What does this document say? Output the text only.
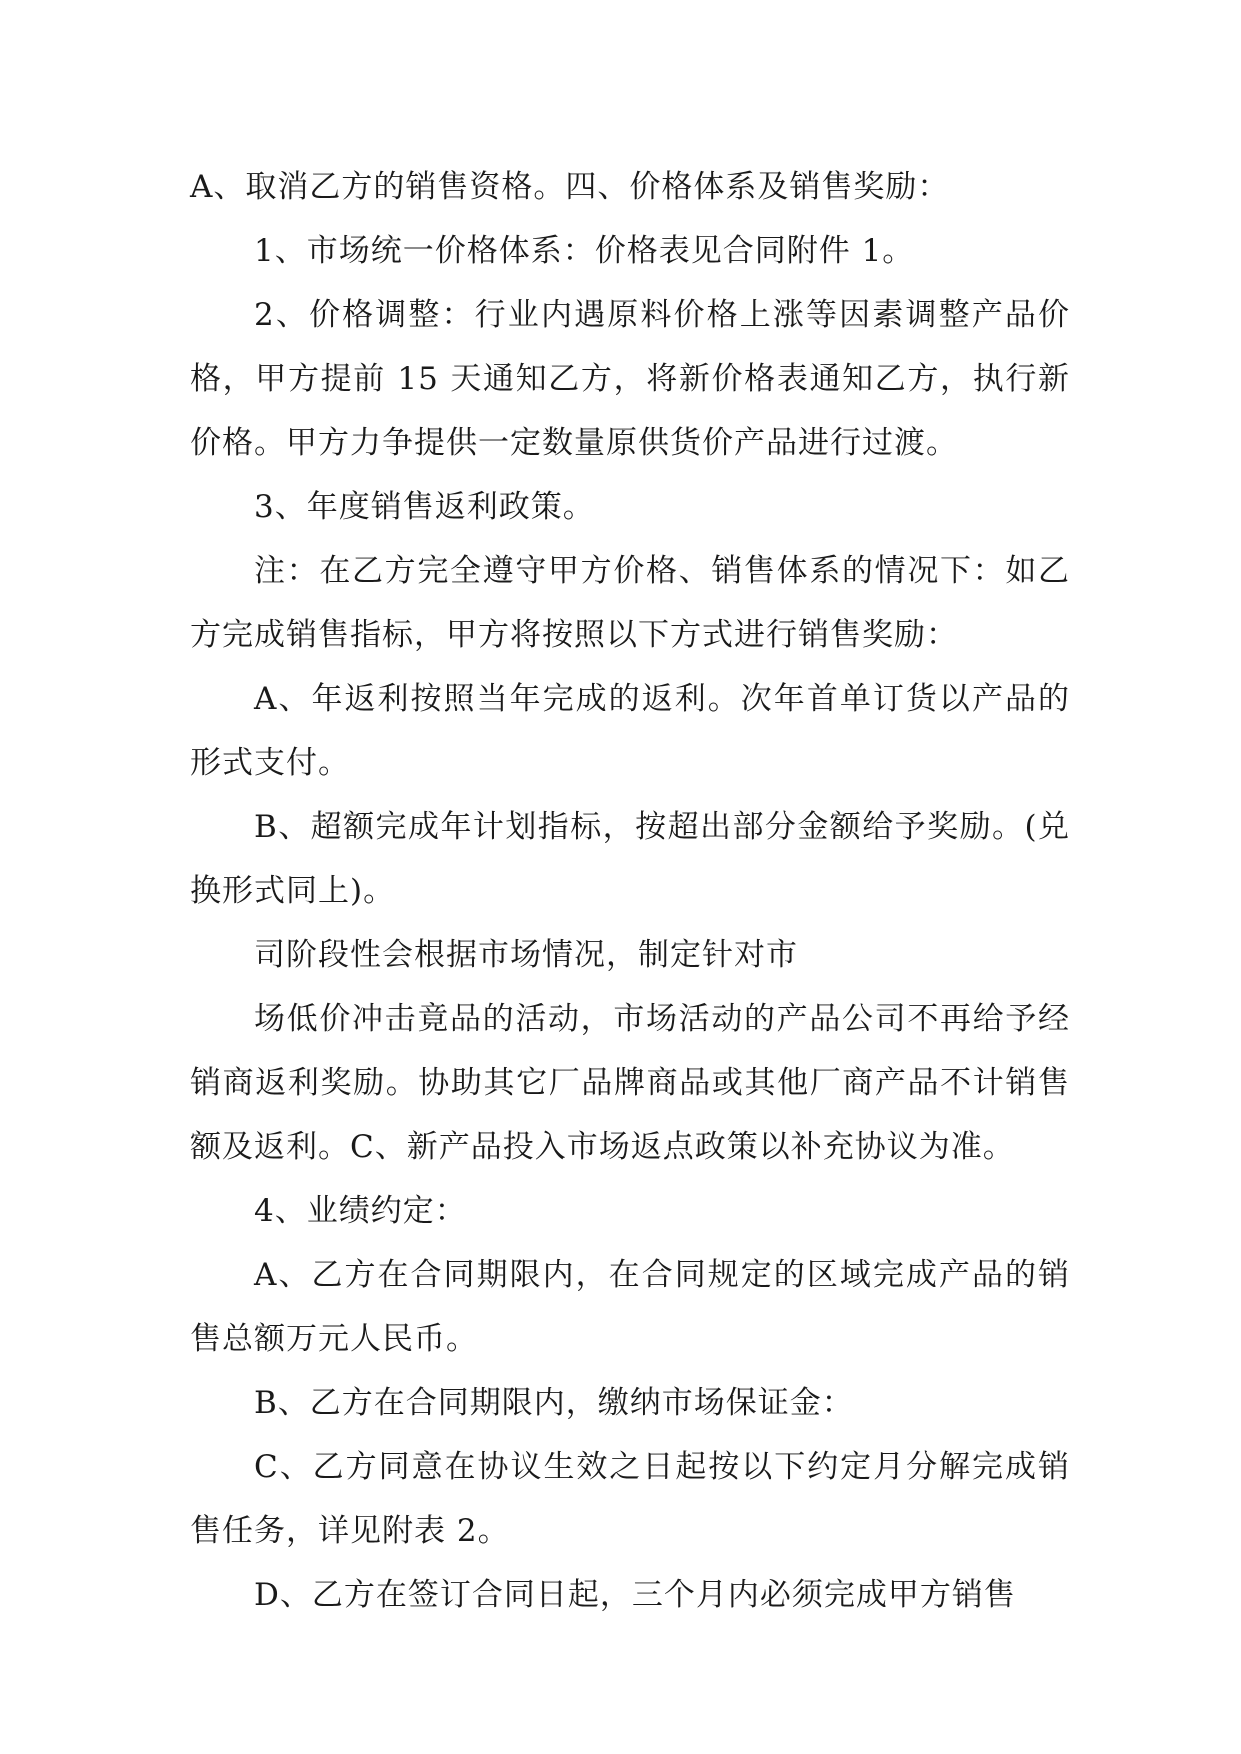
A、取消乙方的销售资格。四、价格体系及销售奖励：

1、市场统一价格体系：价格表见合同附件 1。

2、价格调整：行业内遇原料价格上涨等因素调整产品价格，甲方提前 15 天通知乙方，将新价格表通知乙方，执行新价格。甲方力争提供一定数量原供货价产品进行过渡。

3、年度销售返利政策。

注：在乙方完全遵守甲方价格、销售体系的情况下：如乙方完成销售指标，甲方将按照以下方式进行销售奖励：

A、年返利按照当年完成的返利。次年首单订货以产品的形式支付。

B、超额完成年计划指标，按超出部分金额给予奖励。(兑换形式同上)。

司阶段性会根据市场情况，制定针对市

场低价冲击竟品的活动，市场活动的产品公司不再给予经销商返利奖励。协助其它厂品牌商品或其他厂商产品不计销售额及返利。C、新产品投入市场返点政策以补充协议为准。

4、业绩约定：

A、乙方在合同期限内，在合同规定的区域完成产品的销售总额万元人民币。

B、乙方在合同期限内，缴纳市场保证金：

C、乙方同意在协议生效之日起按以下约定月分解完成销售任务，详见附表 2。

D、乙方在签订合同日起，三个月内必须完成甲方销售
